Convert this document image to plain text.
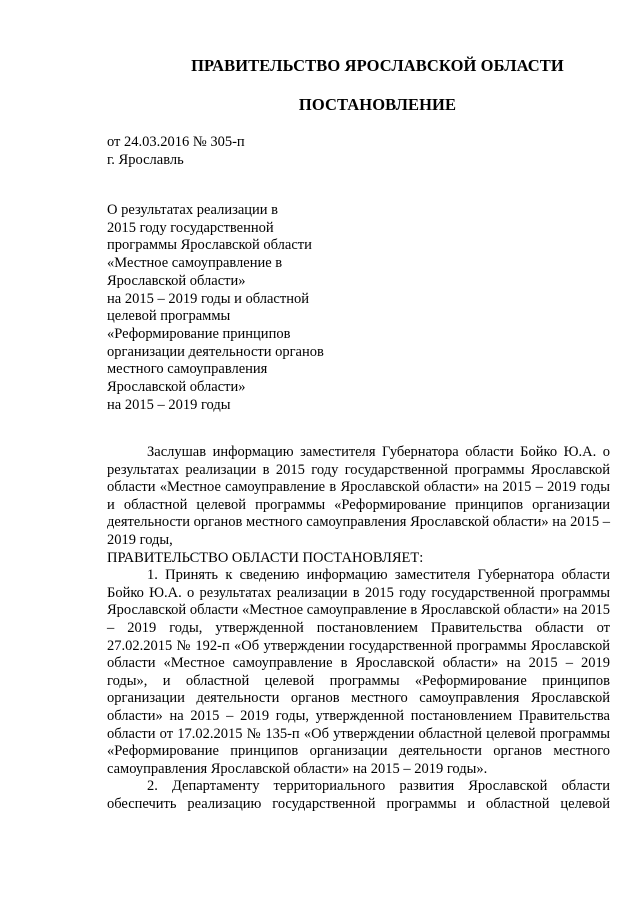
ПРАВИТЕЛЬСТВО ЯРОСЛАВСКОЙ ОБЛАСТИ
ПОСТАНОВЛЕНИЕ

от 24.03.2016 № 305-п

г. Ярославль

О результатах реализации в
2015 году государственной
программы Ярославской области
«Местное самоуправление в
Ярославской области»
на 2015 – 2019 годы и областной
целевой программы
«Реформирование принципов
организации деятельности органов
местного самоуправления
Ярославской области»
на 2015 – 2019 годы

Заслушав информацию заместителя Губернатора области Бойко Ю.А. о результатах реализации в 2015 году государственной программы Ярославской области «Местное самоуправление в Ярославской области» на 2015 – 2019 годы и областной целевой программы «Реформирование принципов организации деятельности органов местного самоуправления Ярославской области» на 2015 – 2019 годы,

ПРАВИТЕЛЬСТВО ОБЛАСТИ ПОСТАНОВЛЯЕТ:

1. Принять к сведению информацию заместителя Губернатора области Бойко Ю.А. о результатах реализации в 2015 году государственной программы Ярославской области «Местное самоуправление в Ярославской области» на 2015 – 2019 годы, утвержденной постановлением Правительства области от 27.02.2015 № 192-п «Об утверждении государственной программы Ярославской области «Местное самоуправление в Ярославской области» на 2015 – 2019 годы», и областной целевой программы «Реформирование принципов организации деятельности органов местного самоуправления Ярославской области» на 2015 – 2019 годы, утвержденной постановлением Правительства области от 17.02.2015 № 135-п «Об утверждении областной целевой программы «Реформирование принципов организации деятельности органов местного самоуправления Ярославской области» на 2015 – 2019 годы».

2. Департаменту территориального развития Ярославской области обеспечить реализацию государственной программы и областной целевой
